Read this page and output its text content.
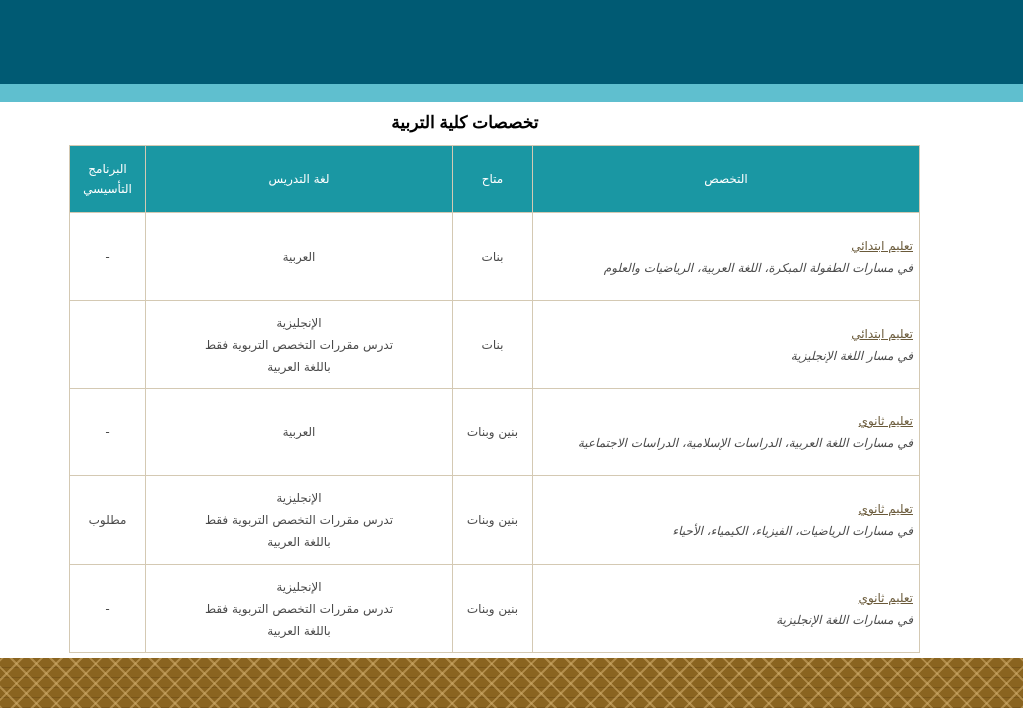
تخصصات كلية التربية
التخصص	متاح	لغة التدريس	البرنامج التأسيسي

تعليم ابتدائي
في مسارات الطفولة المبكرة، اللغة العربية، الرياضيات والعلوم	بنات	العربية	-

تعليم ابتدائي
في مسار اللغة الإنجليزية	بنات	الإنجليزية
تدرس مقررات التخصص التربوية فقط
باللغة العربية	

تعليم ثانوي
في مسارات اللغة العربية، الدراسات الإسلامية، الدراسات الاجتماعية	بنين وبنات	العربية	-

تعليم ثانوي
في مسارات الرياضيات، الفيزياء، الكيمياء، الأحياء	بنين وبنات	الإنجليزية
تدرس مقررات التخصص التربوية فقط
باللغة العربية	مطلوب

تعليم ثانوي
في مسارات اللغة الإنجليزية	بنين وبنات	الإنجليزية
تدرس مقررات التخصص التربوية فقط
باللغة العربية	-
